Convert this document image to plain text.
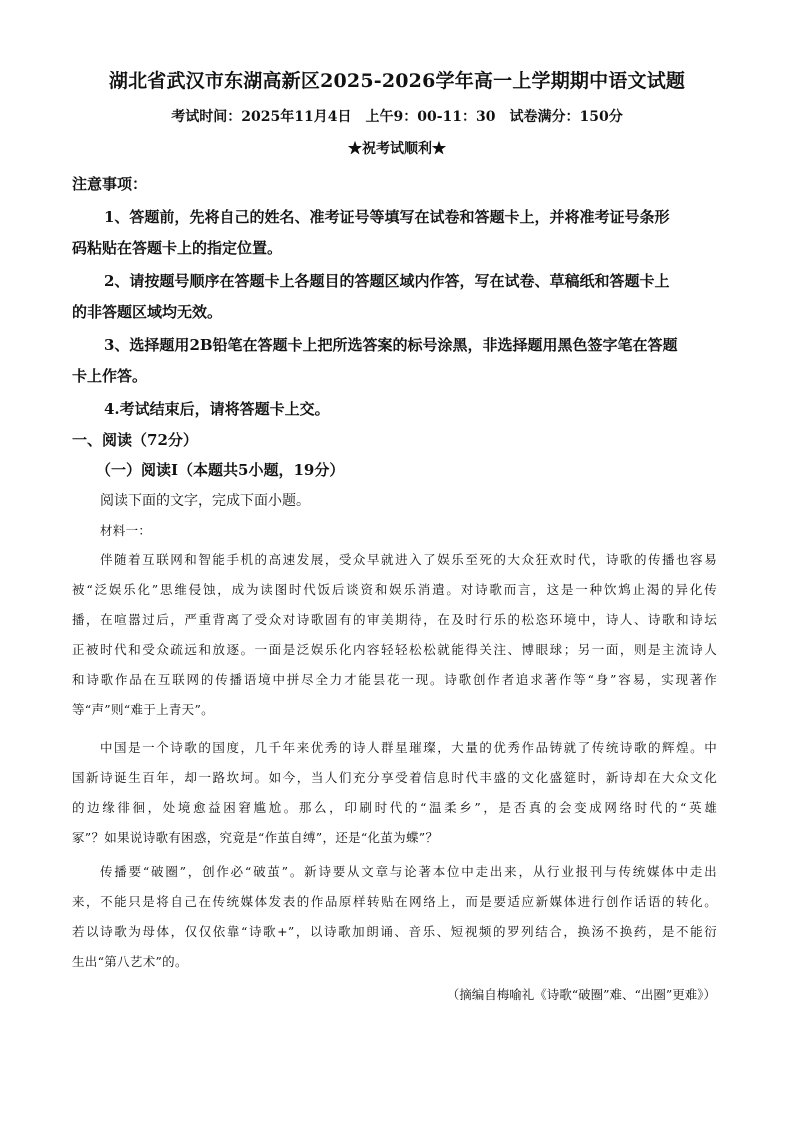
湖北省武汉市东湖高新区2025-2026学年高一上学期期中语文试题
考试时间：2025年11月4日　上午9：00-11：30　试卷满分：150分
★祝考试顺利★
注意事项：
1、答题前，先将自己的姓名、准考证号等填写在试卷和答题卡上，并将准考证号条形
码粘贴在答题卡上的指定位置。
2、请按题号顺序在答题卡上各题目的答题区域内作答，写在试卷、草稿纸和答题卡上
的非答题区域均无效。
3、选择题用2B铅笔在答题卡上把所选答案的标号涂黑，非选择题用黑色签字笔在答题
卡上作答。
4.考试结束后，请将答题卡上交。
一、阅读（72分）
（一）阅读Ⅰ（本题共5小题，19分）
阅读下面的文字，完成下面小题。
材料一：
伴随着互联网和智能手机的高速发展，受众早就进入了娱乐至死的大众狂欢时代，诗歌的传播也容易
被“泛娱乐化”思维侵蚀，成为读图时代饭后谈资和娱乐消遣。对诗歌而言，这是一种饮鸩止渴的异化传
播，在喧嚣过后，严重背离了受众对诗歌固有的审美期待，在及时行乐的松恣环境中，诗人、诗歌和诗坛
正被时代和受众疏远和放逐。一面是泛娱乐化内容轻轻松松就能得关注、博眼球；另一面，则是主流诗人
和诗歌作品在互联网的传播语境中拼尽全力才能昙花一现。诗歌创作者追求著作等“身”容易，实现著作
等“声”则“难于上青天”。
中国是一个诗歌的国度，几千年来优秀的诗人群星璀璨，大量的优秀作品铸就了传统诗歌的辉煌。中
国新诗诞生百年，却一路坎坷。如今，当人们充分享受着信息时代丰盛的文化盛筵时，新诗却在大众文化
的边缘徘徊，处境愈益困窘尴尬。那么，印刷时代的“温柔乡”，是否真的会变成网络时代的“英雄
冢”？如果说诗歌有困惑，究竟是“作茧自缚”，还是“化茧为蝶”？
传播要“破圈”，创作必“破茧”。新诗要从文章与论著本位中走出来，从行业报刊与传统媒体中走出
来，不能只是将自己在传统媒体发表的作品原样转贴在网络上，而是要适应新媒体进行创作话语的转化。
若以诗歌为母体，仅仅依靠“诗歌+”，以诗歌加朗诵、音乐、短视频的罗列结合，换汤不换药，是不能衍
生出“第八艺术”的。
（摘编自梅喻礼《诗歌“破圈”难、“出圈”更难》）
